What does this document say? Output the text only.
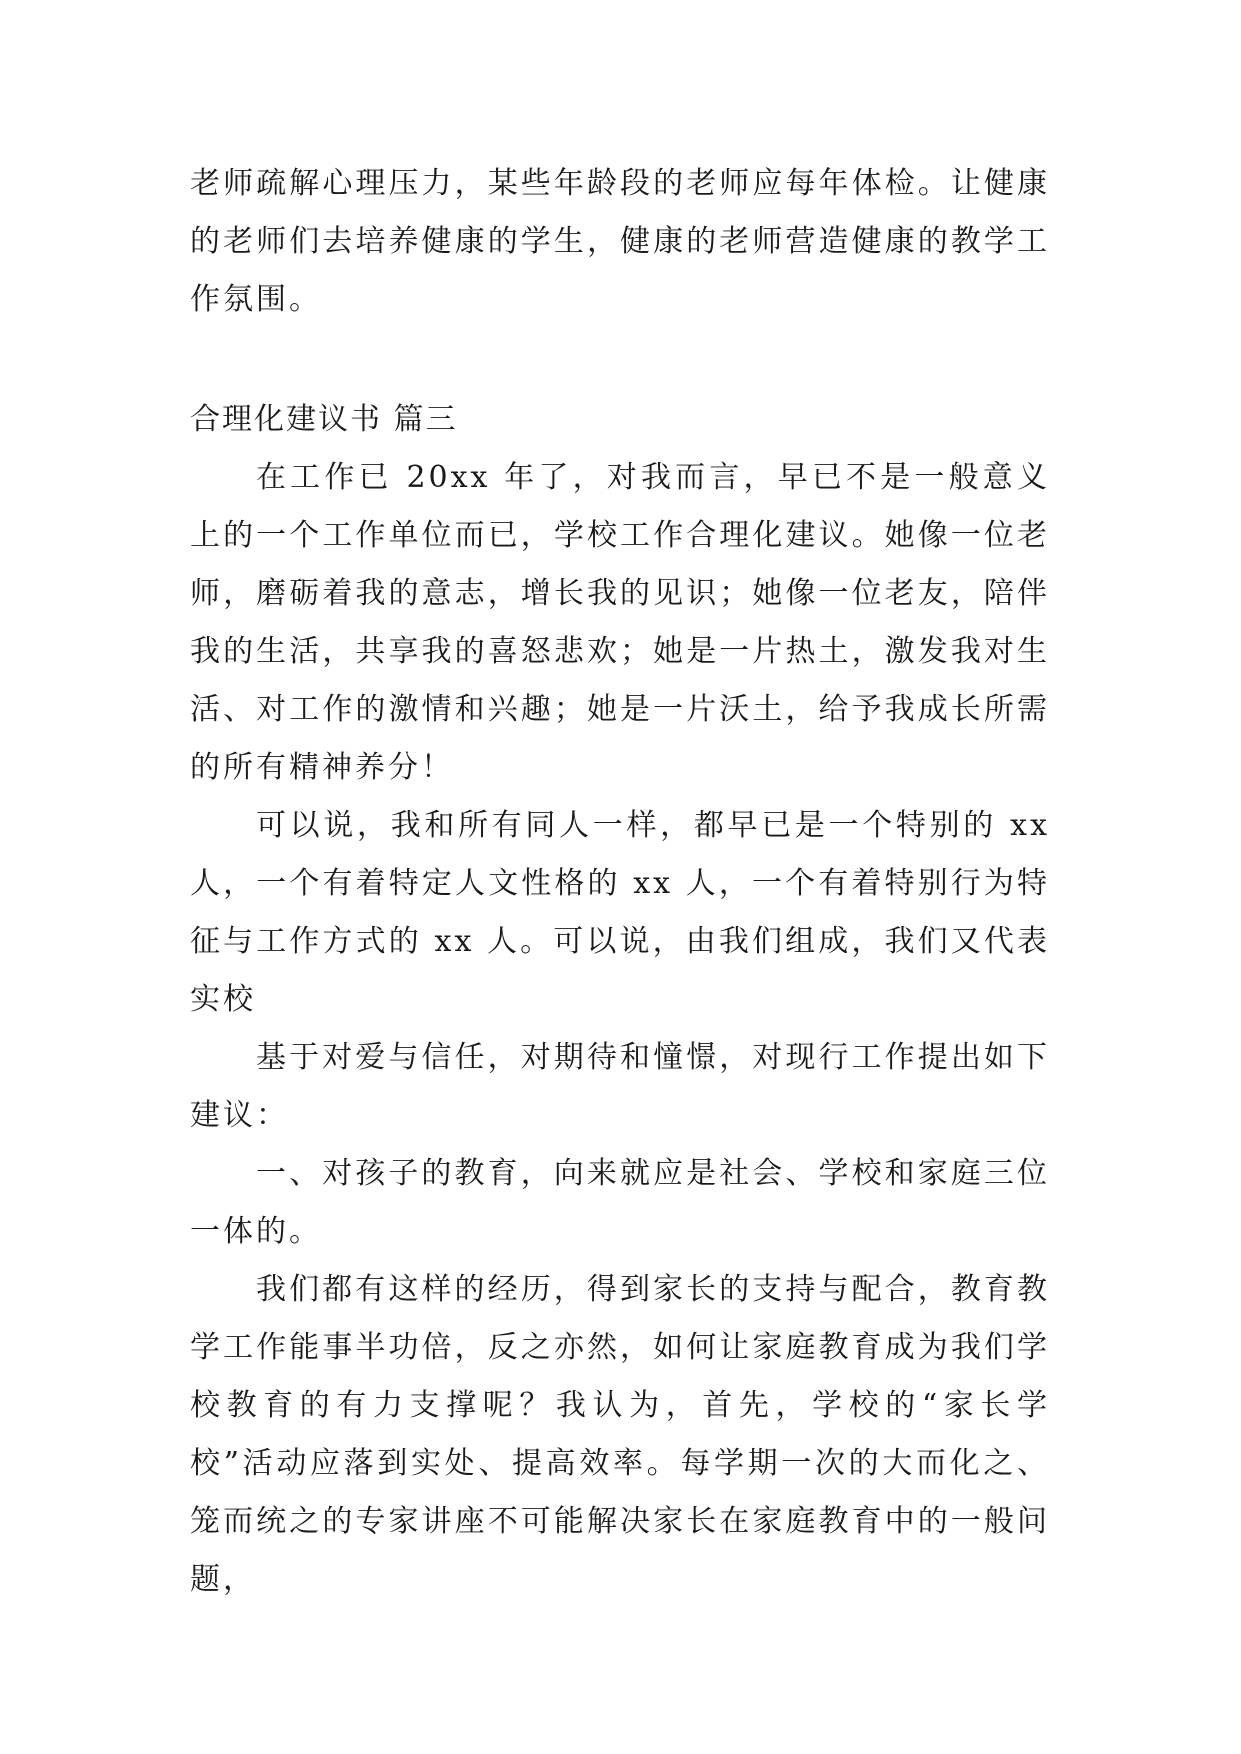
老师疏解心理压力，某些年龄段的老师应每年体检。让健康的老师们去培养健康的学生，健康的老师营造健康的教学工作氛围。

合理化建议书 篇三

在工作已 20xx 年了，对我而言，早已不是一般意义上的一个工作单位而已，学校工作合理化建议。她像一位老师，磨砺着我的意志，增长我的见识；她像一位老友，陪伴我的生活，共享我的喜怒悲欢；她是一片热土，激发我对生活、对工作的激情和兴趣；她是一片沃土，给予我成长所需的所有精神养分！

可以说，我和所有同人一样，都早已是一个特别的 xx 人，一个有着特定人文性格的 xx 人，一个有着特别行为特征与工作方式的 xx 人。可以说，由我们组成，我们又代表实校

基于对爱与信任，对期待和憧憬，对现行工作提出如下建议：

一、对孩子的教育，向来就应是社会、学校和家庭三位一体的。

我们都有这样的经历，得到家长的支持与配合，教育教学工作能事半功倍，反之亦然，如何让家庭教育成为我们学校教育的有力支撑呢？我认为，首先，学校的“家长学校”活动应落到实处、提高效率。每学期一次的大而化之、笼而统之的专家讲座不可能解决家长在家庭教育中的一般问题，
